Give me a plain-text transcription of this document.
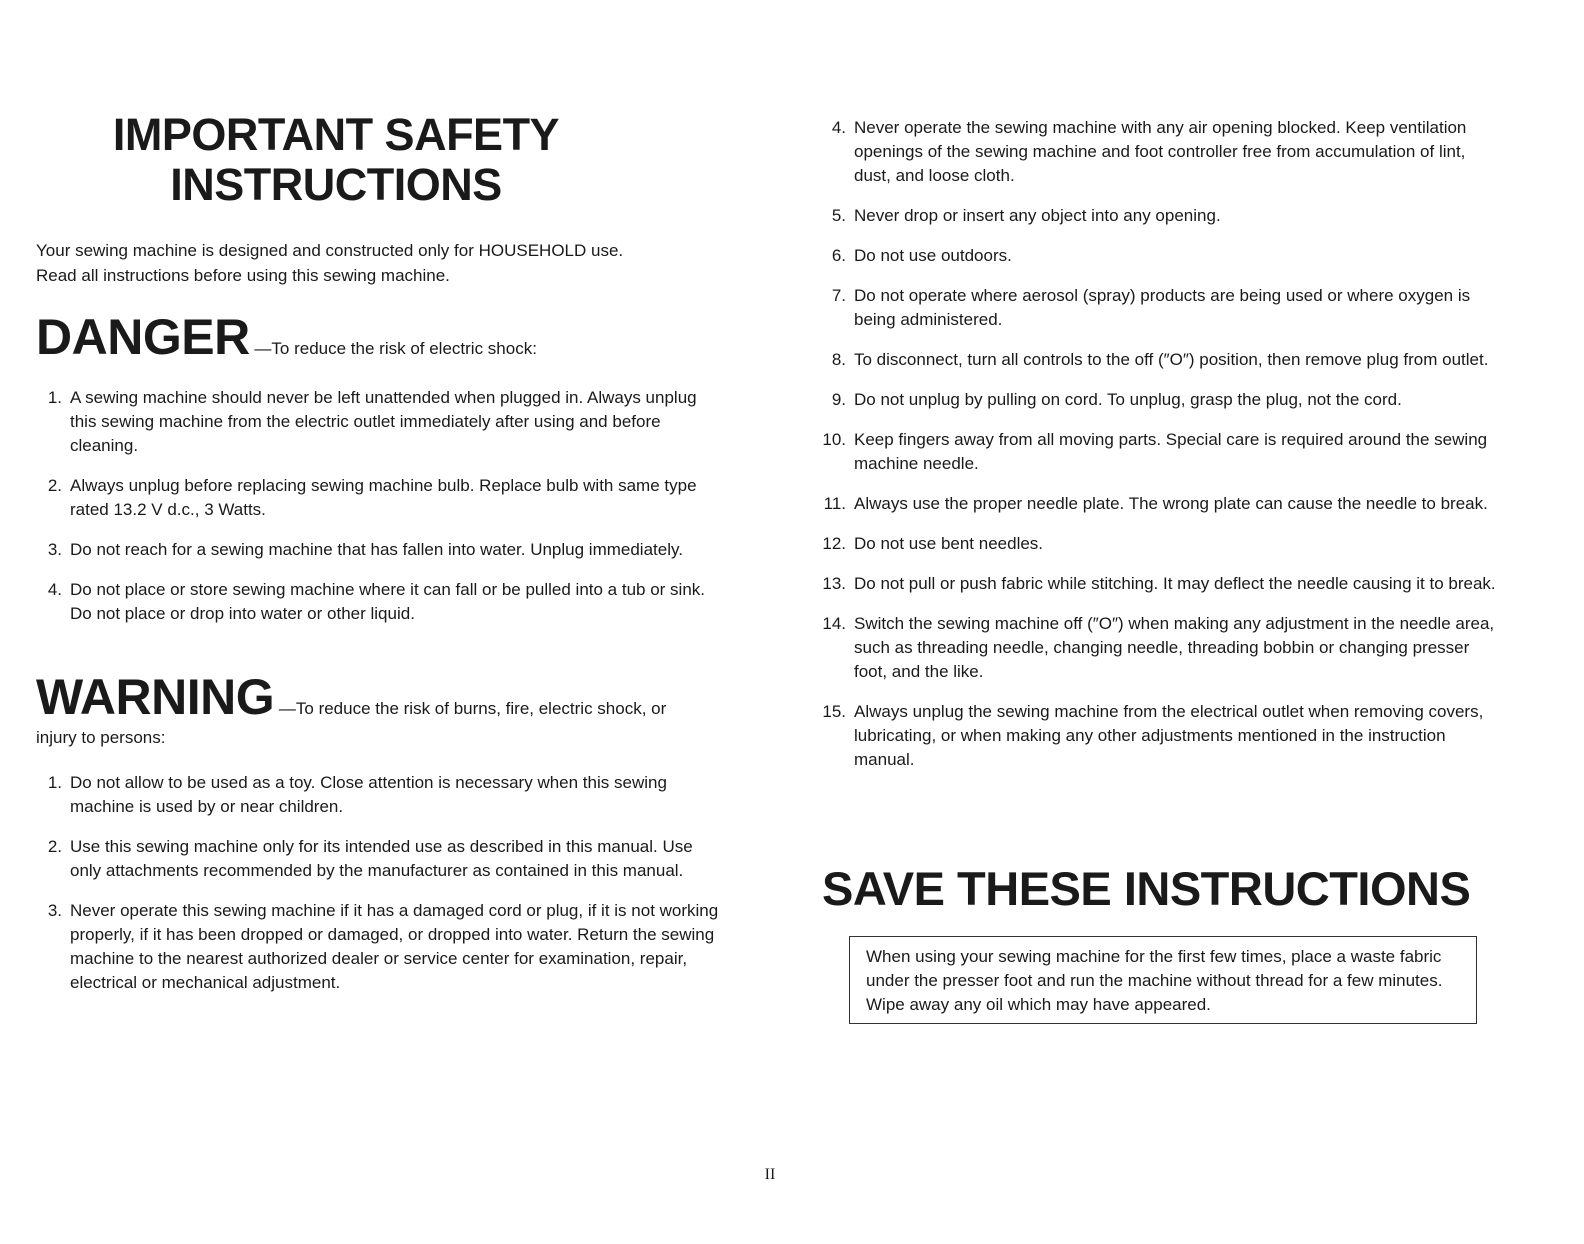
IMPORTANT SAFETY
INSTRUCTIONS
Your sewing machine is designed and constructed only for HOUSEHOLD use.
Read all instructions before using this sewing machine.
DANGER —To reduce the risk of electric shock:
1. A sewing machine should never be left unattended when plugged in. Always unplug this sewing machine from the electric outlet immediately after using and before cleaning.
2. Always unplug before replacing sewing machine bulb. Replace bulb with same type rated 13.2 V d.c., 3 Watts.
3. Do not reach for a sewing machine that has fallen into water. Unplug immediately.
4. Do not place or store sewing machine where it can fall or be pulled into a tub or sink. Do not place or drop into water or other liquid.
WARNING —To reduce the risk of burns, fire, electric shock, or
injury to persons:
1. Do not allow to be used as a toy. Close attention is necessary when this sewing machine is used by or near children.
2. Use this sewing machine only for its intended use as described in this manual. Use only attachments recommended by the manufacturer as contained in this manual.
3. Never operate this sewing machine if it has a damaged cord or plug, if it is not working properly, if it has been dropped or damaged, or dropped into water. Return the sewing machine to the nearest authorized dealer or service center for examination, repair, electrical or mechanical adjustment.
4. Never operate the sewing machine with any air opening blocked. Keep ventilation openings of the sewing machine and foot controller free from accumulation of lint, dust, and loose cloth.
5. Never drop or insert any object into any opening.
6. Do not use outdoors.
7. Do not operate where aerosol (spray) products are being used or where oxygen is being administered.
8. To disconnect, turn all controls to the off (″O″) position, then remove plug from outlet.
9. Do not unplug by pulling on cord. To unplug, grasp the plug, not the cord.
10. Keep fingers away from all moving parts. Special care is required around the sewing machine needle.
11. Always use the proper needle plate. The wrong plate can cause the needle to break.
12. Do not use bent needles.
13. Do not pull or push fabric while stitching. It may deflect the needle causing it to break.
14. Switch the sewing machine off (″O″) when making any adjustment in the needle area, such as threading needle, changing needle, threading bobbin or changing presser foot, and the like.
15. Always unplug the sewing machine from the electrical outlet when removing covers, lubricating, or when making any other adjustments mentioned in the instruction manual.
SAVE THESE INSTRUCTIONS
When using your sewing machine for the first few times, place a waste fabric under the presser foot and run the machine without thread for a few minutes. Wipe away any oil which may have appeared.
II
